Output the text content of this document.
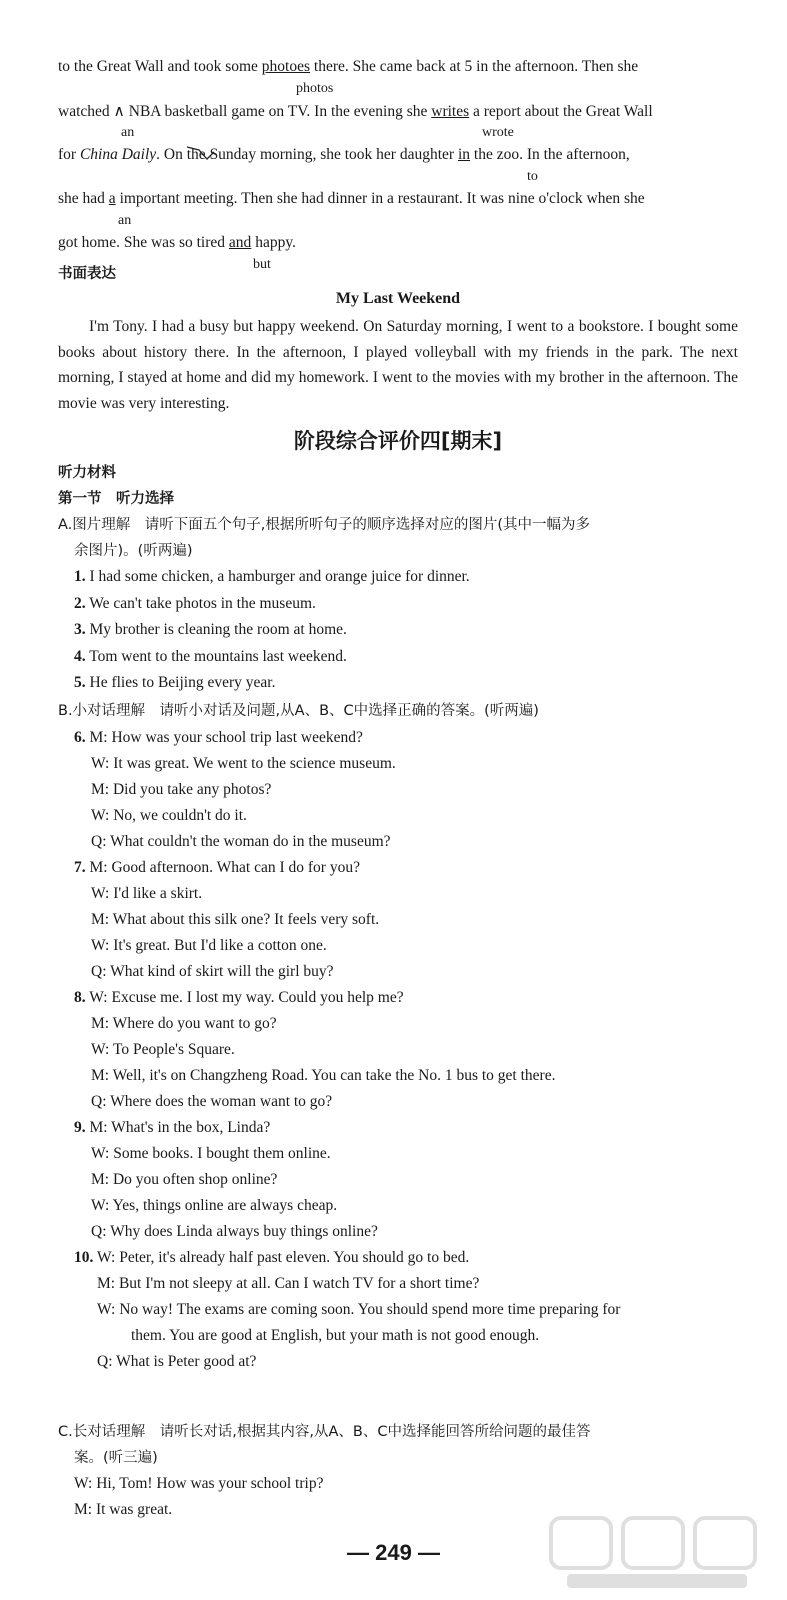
to the Great Wall and took some photoes there. She came back at 5 in the afternoon. Then she
photos
watched ∧ NBA basketball game on TV. In the evening she writes a report about the Great Wall
an	wrote
for China Daily. On the
Sunday morning, she took her daughter in the zoo. In the afternoon,
to
she had a important meeting. Then she had dinner in a restaurant. It was nine o'clock when she
an
got home. She was so tired and happy.
but
书面表达
My Last Weekend
I'm Tony. I had a busy but happy weekend. On Saturday morning, I went to a bookstore. I bought some books about history there. In the afternoon, I played volleyball with my friends in the park. The next morning, I stayed at home and did my homework. I went to the movies with my brother in the afternoon. The movie was very interesting.
阶段综合评价四[期末]
听力材料
第一节　听力选择
A.图片理解　请听下面五个句子,根据所听句子的顺序选择对应的图片(其中一幅为多
余图片)。(听两遍)
1. I had some chicken, a hamburger and orange juice for dinner.
2. We can't take photos in the museum.
3. My brother is cleaning the room at home.
4. Tom went to the mountains last weekend.
5. He flies to Beijing every year.
B.小对话理解　请听小对话及问题,从A、B、C中选择正确的答案。(听两遍)
6. M: How was your school trip last weekend?
W: It was great. We went to the science museum.
M: Did you take any photos?
W: No, we couldn't do it.
Q: What couldn't the woman do in the museum?
7. M: Good afternoon. What can I do for you?
W: I'd like a skirt.
M: What about this silk one? It feels very soft.
W: It's great. But I'd like a cotton one.
Q: What kind of skirt will the girl buy?
8. W: Excuse me. I lost my way. Could you help me?
M: Where do you want to go?
W: To People's Square.
M: Well, it's on Changzheng Road. You can take the No. 1 bus to get there.
Q: Where does the woman want to go?
9. M: What's in the box, Linda?
W: Some books. I bought them online.
M: Do you often shop online?
W: Yes, things online are always cheap.
Q: Why does Linda always buy things online?
10. W: Peter, it's already half past eleven. You should go to bed.
M: But I'm not sleepy at all. Can I watch TV for a short time?
W: No way! The exams are coming soon. You should spend more time preparing for
them. You are good at English, but your math is not good enough.
Q: What is Peter good at?
C.长对话理解　请听长对话,根据其内容,从A、B、C中选择能回答所给问题的最佳答
案。(听三遍)
W: Hi, Tom! How was your school trip?
M: It was great.
— 249 —
